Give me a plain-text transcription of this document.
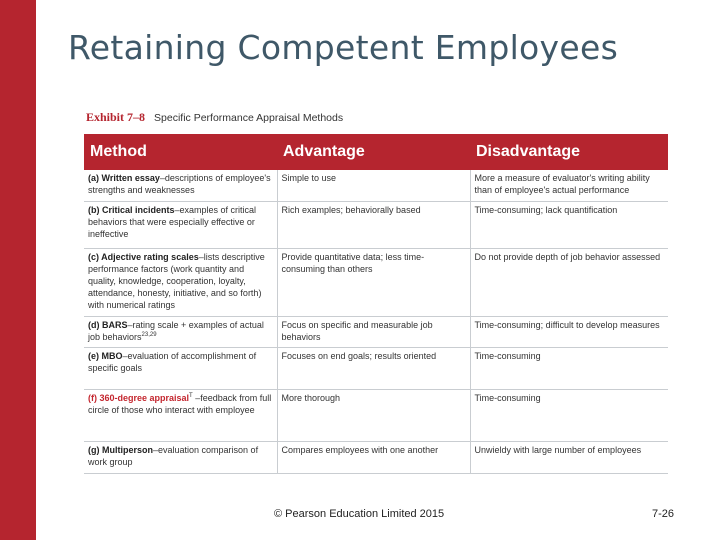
Retaining Competent Employees
Exhibit 7–8 Specific Performance Appraisal Methods
Method	Advantage	Disadvantage
(a) Written essay–descriptions of employee's strengths and weaknesses	Simple to use	More a measure of evaluator's writing ability than of employee's actual performance
(b) Critical incidents–examples of critical behaviors that were especially effective or ineffective	Rich examples; behaviorally based	Time-consuming; lack quantification
(c) Adjective rating scales–lists descriptive performance factors (work quantity and quality, knowledge, cooperation, loyalty, attendance, honesty, initiative, and so forth) with numerical ratings	Provide quantitative data; less time-consuming than others	Do not provide depth of job behavior assessed
(d) BARS–rating scale + examples of actual job behaviors$^{23,29}$	Focus on specific and measurable job behaviors	Time-consuming; difficult to develop measures
(e) MBO–evaluation of accomplishment of specific goals	Focuses on end goals; results oriented	Time-consuming
(f) 360-degree appraisal$^T$ –feedback from full circle of those who interact with employee	More thorough	Time-consuming
(g) Multiperson–evaluation comparison of work group	Compares employees with one another	Unwieldy with large number of employees
© Pearson Education Limited 2015	7-26
